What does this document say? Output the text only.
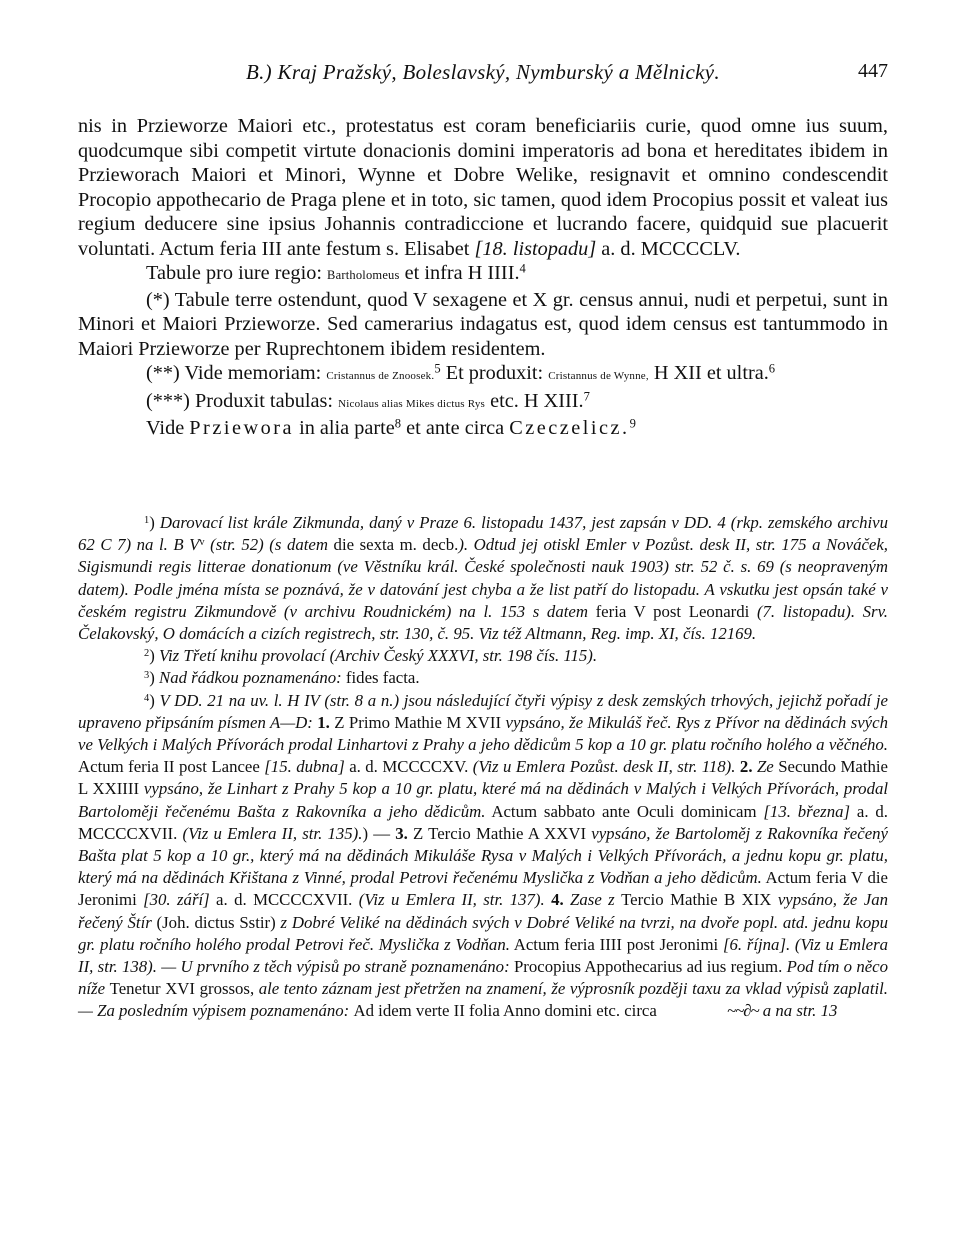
B.) Kraj Pražský, Boleslavský, Nymburský a Mělnický.	447

nis in Przieworze Maiori etc., protestatus est coram beneficiariis curie, quod omne ius suum, quodcumque sibi competit virtute donacionis domini imperatoris ad bona et hereditates ibidem in Przieworach Maiori et Minori, Wynne et Dobre Welike, resignavit et omnino condescendit Procopio appothecario de Praga plene et in toto, sic tamen, quod idem Procopius possit et valeat ius regium deducere sine ipsius Johannis contradiccione et lucrando facere, quidquid sue placuerit voluntati. Actum feria III ante festum s. Elisabet [18. listopadu] a. d. MCCCCLV.

Tabule pro iure regio: Bartholomeus et infra H IIII.$^4$

(*) Tabule terre ostendunt, quod V sexagene et X gr. census annui, nudi et perpetui, sunt in Minori et Maiori Przieworze. Sed camerarius indagatus est, quod idem census est tantummodo in Maiori Przieworze per Ruprechtonem ibidem residentem.

(**) Vide memoriam: Cristannus de Znoosek.$^5$ Et produxit: Cristannus de Wynne, H XII et ultra.$^6$

(***) Produxit tabulas: Nicolaus alias Mikes dictus Rys etc. H XIII.$^7$

Vide Przieworа in alia parte$^8$ et ante circa Czeczelicz.$^9$

$^1$) Darovací list krále Zikmunda, daný v Praze 6. listopadu 1437, jest zapsán v DD. 4 (rkp. zemského archivu 62 C 7) na l. B $V^v$ (str. 52) (s datem die sexta m. decb.). Odtud jej otiskl Emler v Pozůst. desk II, str. 175 a Nováček, Sigismundi regis litterae donationum (ve Věstníku král. České společnosti nauk 1903) str. 52 č. s. 69 (s neopraveným datem). Podle jména místa se poznává, že v datování jest chyba a že list patří do listopadu. A vskutku jest opsán také v českém registru Zikmundově (v archivu Roudnickém) na l. 153 s datem feria V post Leonardi (7. listopadu). Srv. Čelakovský, O domácích a cizích registrech, str. 130, č. 95. Viz též Altmann, Reg. imp. XI, čís. 12169.

$^2$) Viz Třetí knihu provolací (Archiv Český XXXVI, str. 198 čís. 115).

$^3$) Nad řádkou poznamenáno: fides facta.

$^4$) V DD. 21 na uv. l. H IV (str. 8 a n.) jsou následující čtyři výpisy z desk zemských trhových, jejichž pořadí je upraveno připsáním písmen A—D: 1. Z Primo Mathie M XVII vypsáno, že Mikuláš řeč. Rys z Přívor na dědinách svých ve Velkých i Malých Přívorách prodal Linhartovi z Prahy a jeho dědicům 5 kop a 10 gr. platu ročního holého a věčného. Actum feria II post Lancee [15. dubna] a. d. MCCCCXV. (Viz u Emlera Pozůst. desk II, str. 118). 2. Ze Secundo Mathie L XXIIII vypsáno, že Linhart z Prahy 5 kop a 10 gr. platu, které má na dědinách v Malých i Velkých Přívorách, prodal Bartoloměji řečenému Bašta z Rakovníka a jeho dědicům. Actum sabbato ante Oculi dominicam [13. března] a. d. MCCCCXVII. (Viz u Emlera II, str. 135).) — 3. Z Tercio Mathie A XXVI vypsáno, že Bartoloměj z Rakovníka řečený Bašta plat 5 kop a 10 gr., který má na dědinách Mikuláše Rysa v Malých i Velkých Přívorách, a jednu kopu gr. platu, který má na dědinách Křištana z Vinné, prodal Petrovi řečenému Myslička z Vodňan a jeho dědicům. Actum feria V die Jeronimi [30. září] a. d. MCCCCXVII. (Viz u Emlera II, str. 137). 4. Zase z Tercio Mathie B XIX vypsáno, že Jan řečený Štír (Joh. dictus Sstir) z Dobré Veliké na dědinách svých v Dobré Veliké na tvrzi, na dvoře popl. atd. jednu kopu gr. platu ročního holého prodal Petrovi řeč. Myslička z Vodňan. Actum feria IIII post Jeronimi [6. října]. (Viz u Emlera II, str. 138). — U prvního z těch výpisů po straně poznamenáno: Procopius Appothecarius ad ius regium. Pod tím o něco níže Tenetur XVI grossos, ale tento záznam jest přetržen na znamení, že výprosník později taxu za vklad výpisů zaplatil. — Za posledním výpisem poznamenáno: Ad idem verte II folia Anno domini etc. circa	~~∂~ a na str. 13
